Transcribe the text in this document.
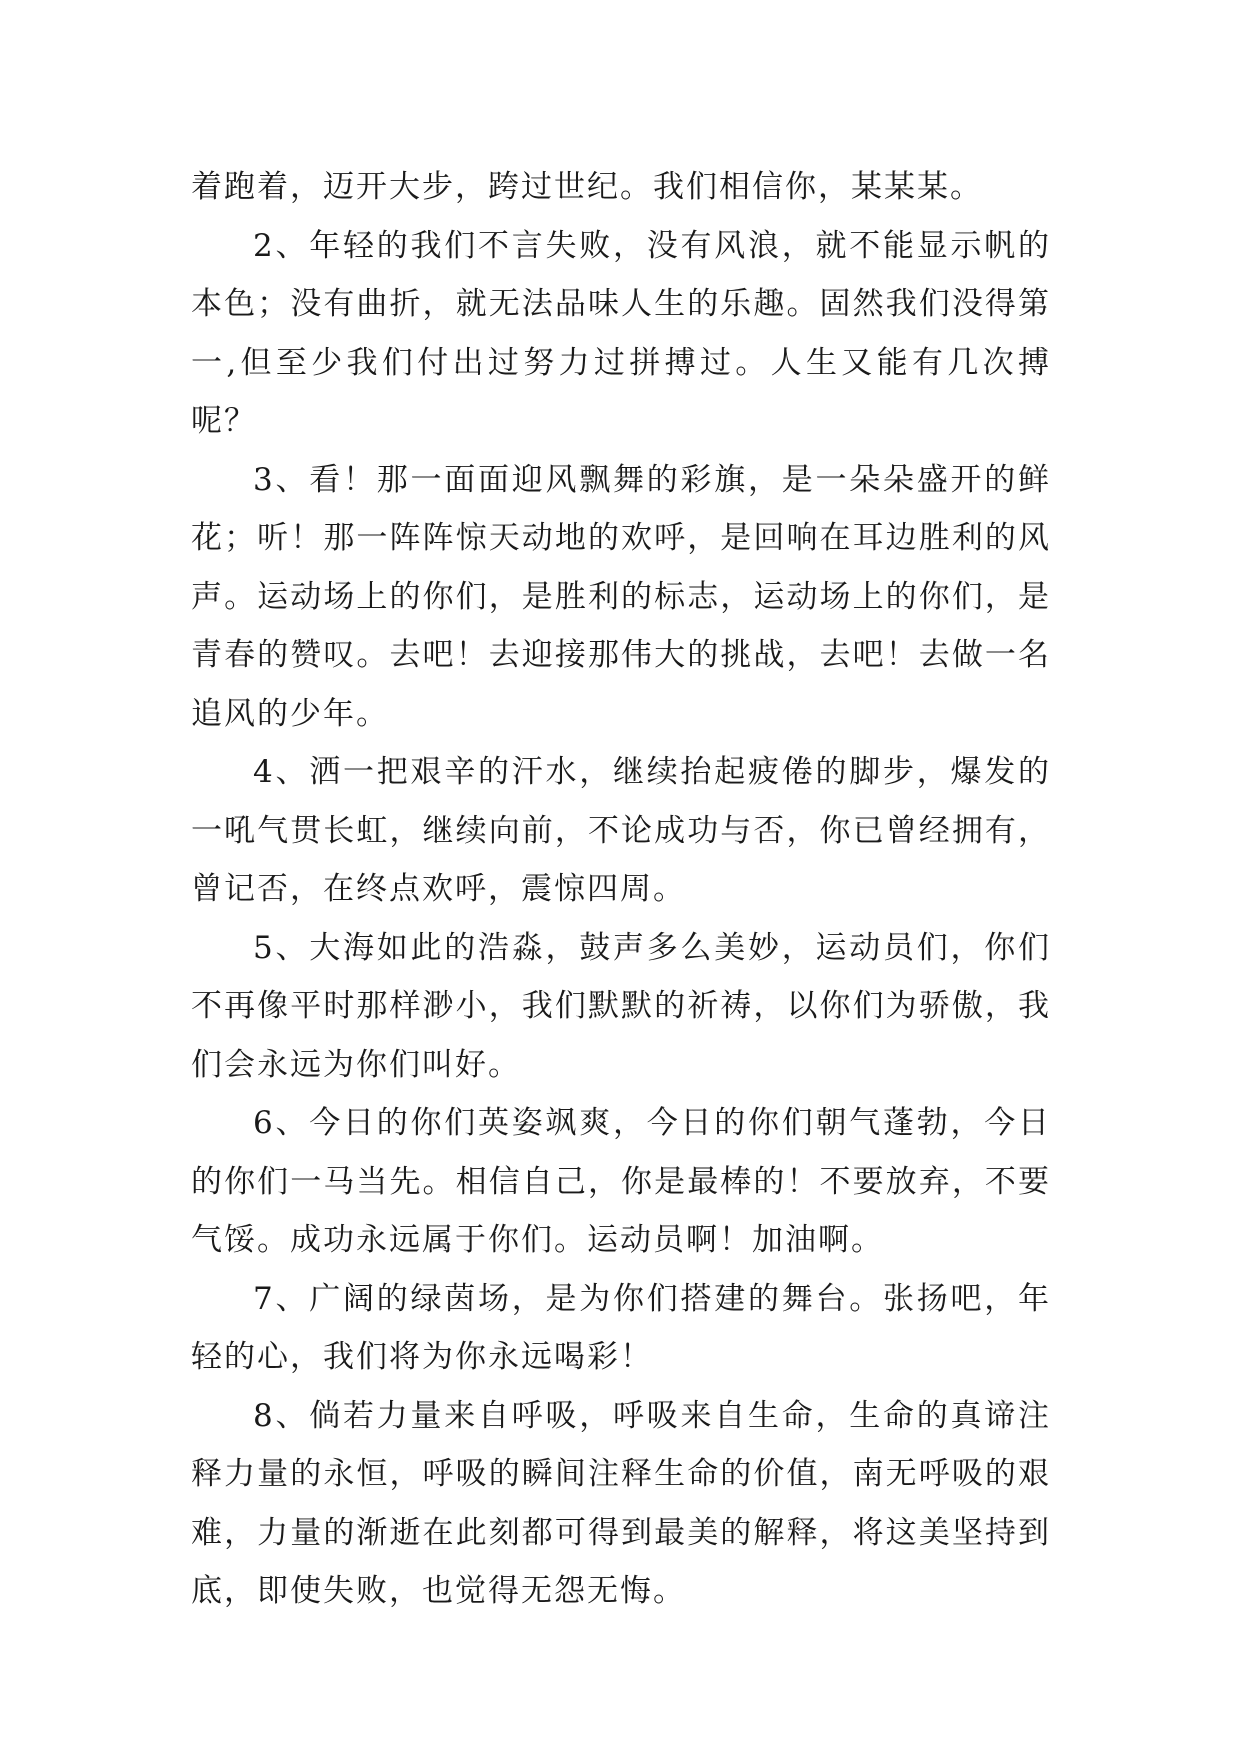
着跑着，迈开大步，跨过世纪。我们相信你，某某某。

2、年轻的我们不言失败，没有风浪，就不能显示帆的本色；没有曲折，就无法品味人生的乐趣。固然我们没得第一,但至少我们付出过努力过拼搏过。人生又能有几次搏呢？

3、看！那一面面迎风飘舞的彩旗，是一朵朵盛开的鲜花；听！那一阵阵惊天动地的欢呼，是回响在耳边胜利的风声。运动场上的你们，是胜利的标志，运动场上的你们，是青春的赞叹。去吧！去迎接那伟大的挑战，去吧！去做一名追风的少年。

4、洒一把艰辛的汗水，继续抬起疲倦的脚步，爆发的一吼气贯长虹，继续向前，不论成功与否，你已曾经拥有，曾记否，在终点欢呼，震惊四周。

5、大海如此的浩淼，鼓声多么美妙，运动员们，你们不再像平时那样渺小，我们默默的祈祷，以你们为骄傲，我们会永远为你们叫好。

6、今日的你们英姿飒爽，今日的你们朝气蓬勃，今日的你们一马当先。相信自己，你是最棒的！不要放弃，不要气馁。成功永远属于你们。运动员啊！加油啊。

7、广阔的绿茵场，是为你们搭建的舞台。张扬吧，年轻的心，我们将为你永远喝彩！

8、倘若力量来自呼吸，呼吸来自生命，生命的真谛注释力量的永恒，呼吸的瞬间注释生命的价值，南无呼吸的艰难，力量的渐逝在此刻都可得到最美的解释，将这美坚持到底，即使失败，也觉得无怨无悔。
